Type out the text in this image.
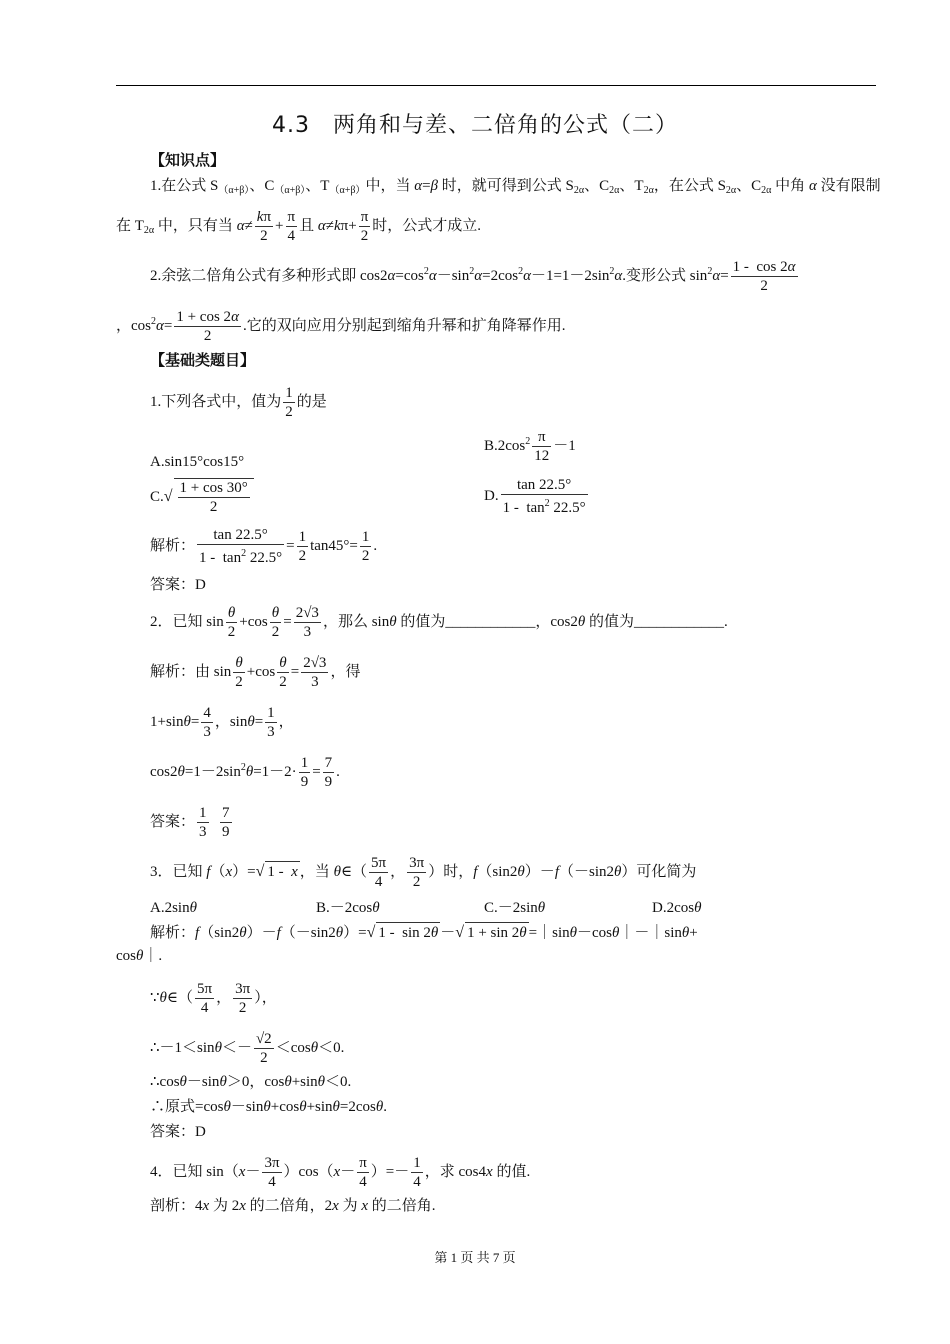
4.3　两角和与差、二倍角的公式（二）
【知识点】
1.在公式 $S_{(\alpha+\beta)}$、$C_{(\alpha+\beta)}$、$T_{(\alpha+\beta)}$中，当 α=β 时，就可得到公式 $S_{2\alpha}$、$C_{2\alpha}$、$T_{2\alpha}$，在公式 $S_{2\alpha}$、$C_{2\alpha}$ 中角 α 没有限制
在 $T_{2\alpha}$ 中，只有当 $\alpha\ne \frac{k\pi}{2} + \frac{\pi}{4}$ 且 $\alpha\ne k\pi+ \frac{\pi}{2}$ 时，公式才成立.
2.余弦二倍角公式有多种形式即 $\cos 2\alpha=\cos^2\alpha-\sin^2\alpha=2\cos^2\alpha-1=1-2\sin^2\alpha$.变形公式 $\sin^2\alpha= \frac{1 - \cos 2\alpha}{2}$
，$\cos^2\alpha= \frac{1 + \cos 2\alpha}{2}$ .它的双向应用分别起到缩角升幂和扩角降幂作用.
【基础类题目】
1.下列各式中，值为 $\frac{1}{2}$ 的是
A.sin15°cos15°
$B.2\cos^2 \frac{\pi}{12} -1$
$C.√ \frac{1 + \cos 30^\circ}{2}$	D. $\frac{\tan 22.5^\circ}{1 - \tan^2 22.5^\circ}$
解析： $\frac{\tan 22.5^\circ}{1 - \tan^2 22.5^\circ} = \frac{1}{2} \tan 45^\circ= \frac{1}{2}$ .
答案：D
2．已知 $\sin \frac{\theta}{2} +\cos \frac{\theta}{2} = \frac{2√3}{3}$ ，那么 sinθ 的值为____________，cos2θ 的值为____________.
解析：由 $\sin \frac{\theta}{2} +\cos \frac{\theta}{2} = \frac{2√3}{3}$ ，得
$1+\sin\theta= \frac{4}{3}$ ，$\sin\theta= \frac{1}{3}$ ，
$\cos 2\theta=1-2\sin^2\theta=1-2\cdot \frac{1}{9} = \frac{7}{9}$ .
答案： $\frac{1}{3}$
$\frac{7}{9}$
3．已知 f（x）=√ 1 -  x ，当 θ∈（ $\frac{5\pi}{4}$ ， $\frac{3\pi}{2}$ ）时，f（sin2θ）－f（－sin2θ）可化简为
A.2sinθ	B.－2cosθ	C.－2sinθ	D.2cosθ
解析：f（sin2θ）－f（－sin2θ）=√ 1 -  sin 2θ －√ 1 + sin 2θ =｜sinθ－cosθ｜－｜sinθ+
cosθ｜.
∵θ∈（ $\frac{5\pi}{4}$ ， $\frac{3\pi}{2}$ ），
∴－1＜sinθ＜－ $\frac{√2}{2} <\cos\theta<0$.
∴cosθ－sinθ＞0，cosθ+sinθ＜0.
∴原式=cosθ－sinθ+cosθ+sinθ=2cosθ.
答案：D
4．已知 $\sin(x- \frac{3\pi}{4} )\cos(x- \frac{\pi}{4}$ ）=－ $\frac{1}{4}$ ，求 cos4x 的值.
剖析：4x 为 2x 的二倍角，2x 为 x 的二倍角.
第 1 页 共 7 页
